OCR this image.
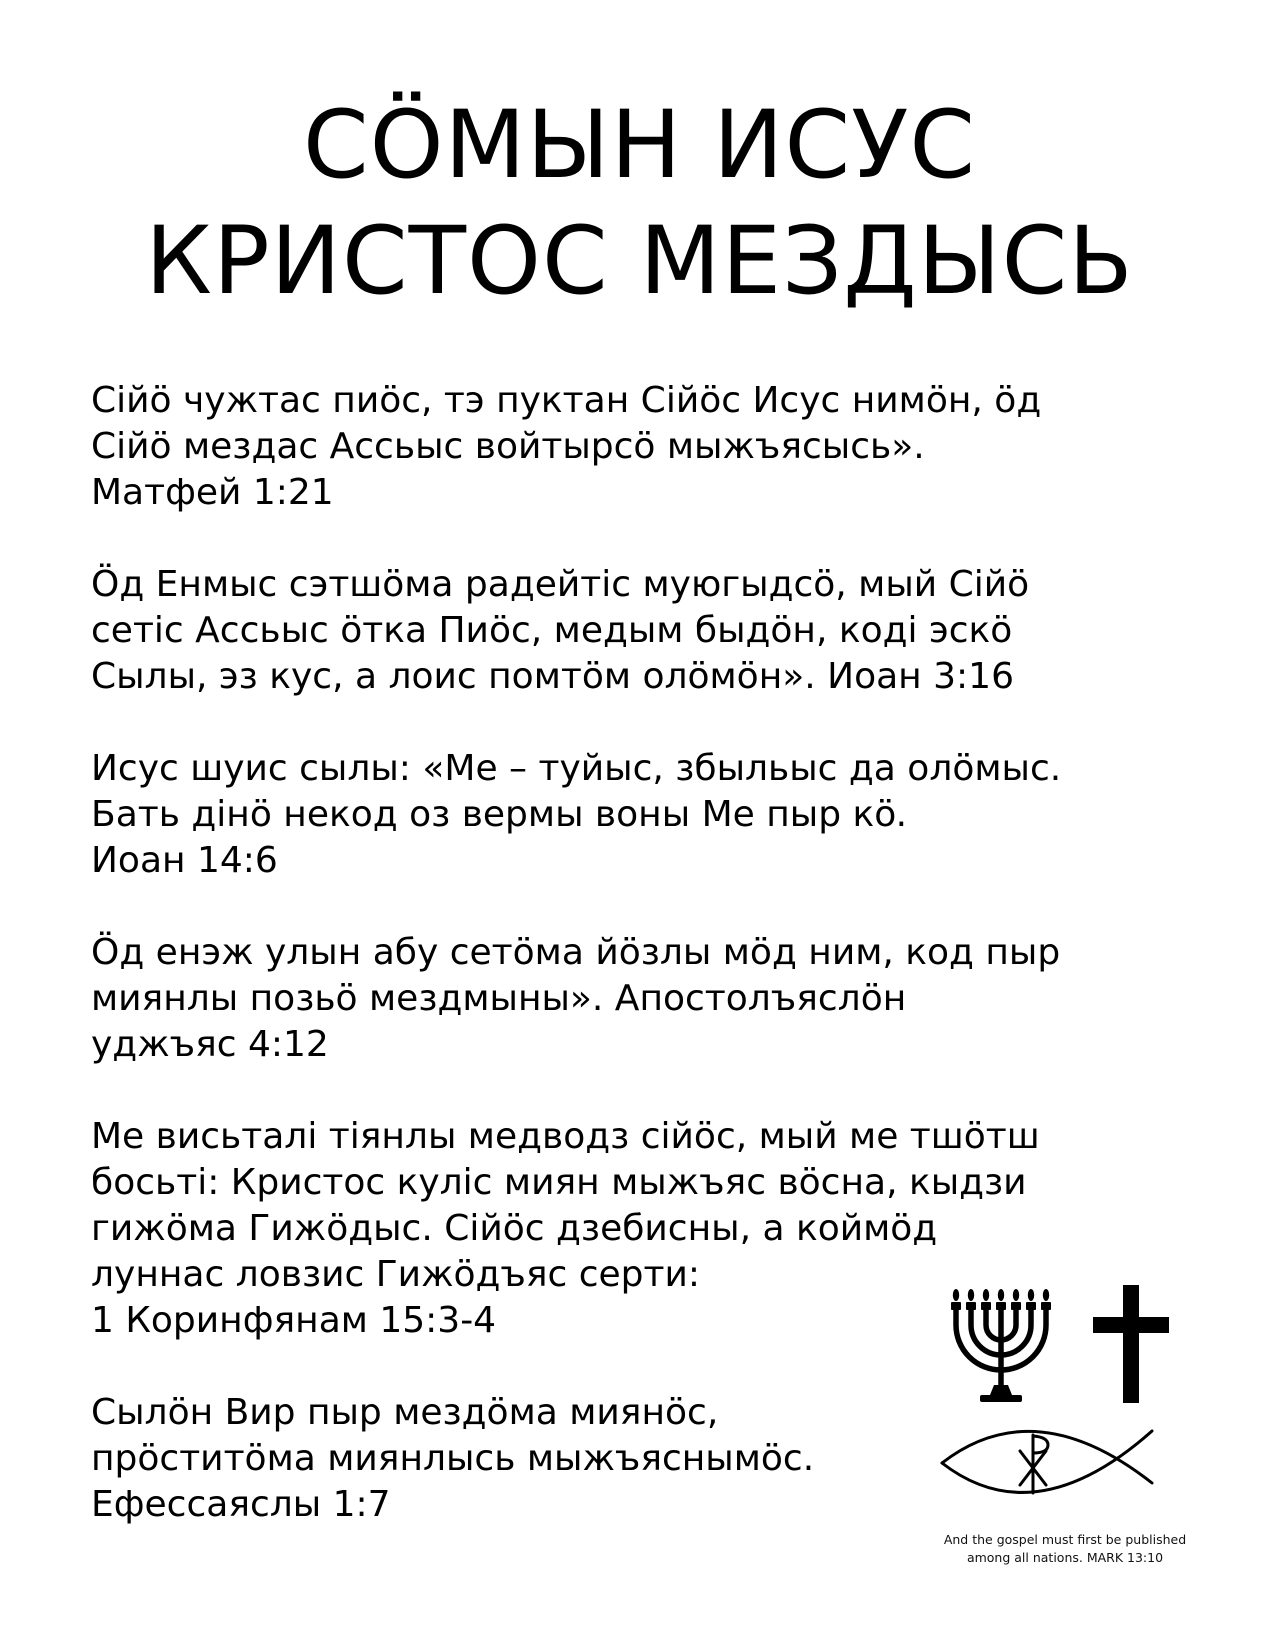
СÖМЫН ИСУС
КРИСТОС МЕЗДЫСЬ

Сійö чужтас пиöс, тэ пуктан Сійöс Исус нимöн, öд
Сійö мездас Ассьыс войтырсö мыжъясысь».
Матфей 1:21

Öд Енмыс сэтшöма радейтiс муюгыдсö, мый Сійö
сетiс Ассьыс öтка Пиöс, медым быдöн, кодi эскö
Сылы, эз кус, а лоис помтöм олöмöн». Иоан 3:16

Исус шуис сылы: «Ме – туйыс, збыльыс да олöмыс.
Бать дiнö некод оз вермы воны Ме пыр кö.
Иоан 14:6

Öд енэж улын абу сетöма йöзлы мöд ним, код пыр
миянлы позьö мездмыны». Апостолъяслöн
уджъяс 4:12

Ме висьталi тiянлы медводз сiйöс, мый ме тшöтш
босьтi: Кристос кулiс миян мыжъяс вöсна, кыдзи
гижöма Гижöдыс. Сiйöс дзебисны, а коймöд
луннас ловзис Гижöдъяс серти:
1 Коринфянам 15:3-4

Сылöн Вир пыр мездöма миянöс,
прöститöма миянлысь мыжъяснымöс.
Ефессаяслы 1:7

And the gospel must first be published
among all nations. MARK 13:10
